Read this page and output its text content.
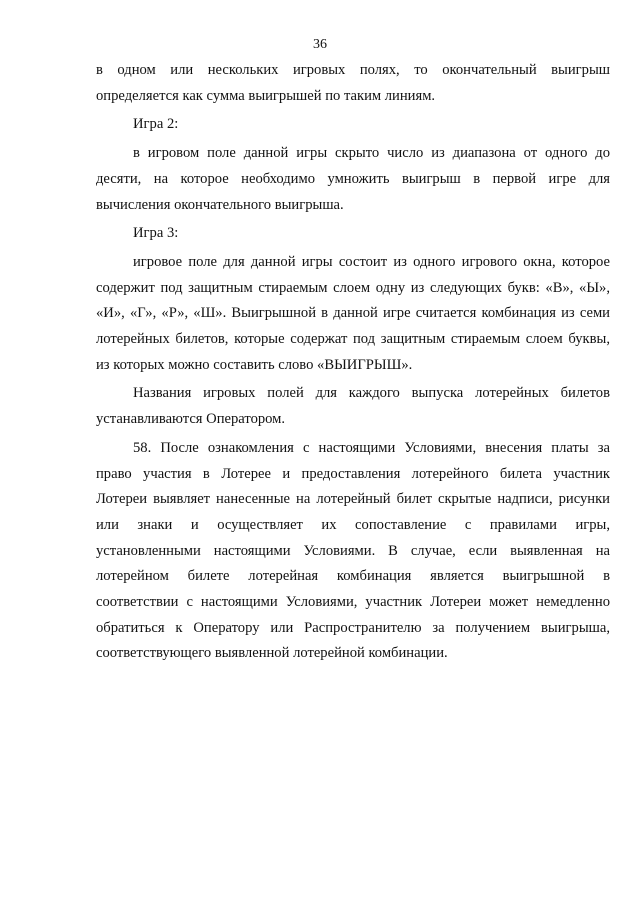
36
в одном или нескольких игровых полях, то окончательный выигрыш
определяется как сумма выигрышей по таким линиям.
Игра 2:
в игровом поле данной игры скрыто число из диапазона от одного до
десяти, на которое необходимо умножить выигрыш в первой игре для
вычисления окончательного выигрыша.
Игра 3:
игровое поле для данной игры состоит из одного игрового окна, которое
содержит под защитным стираемым слоем одну из следующих букв: «В», «Ы»,
«И», «Г», «Р», «Ш». Выигрышной в данной игре считается комбинация из семи
лотерейных билетов, которые содержат под защитным стираемым слоем буквы,
из которых можно составить слово «ВЫИГРЫШ».
Названия игровых полей для каждого выпуска лотерейных билетов
устанавливаются Оператором.
58. После ознакомления с настоящими Условиями, внесения платы за
право участия в Лотерее и предоставления лотерейного билета участник
Лотереи выявляет нанесенные на лотерейный билет скрытые надписи, рисунки
или знаки и осуществляет их сопоставление с правилами игры,
установленными настоящими Условиями. В случае, если выявленная на
лотерейном билете лотерейная комбинация является выигрышной в
соответствии с настоящими Условиями, участник Лотереи может немедленно
обратиться к Оператору или Распространителю за получением выигрыша,
соответствующего выявленной лотерейной комбинации.
